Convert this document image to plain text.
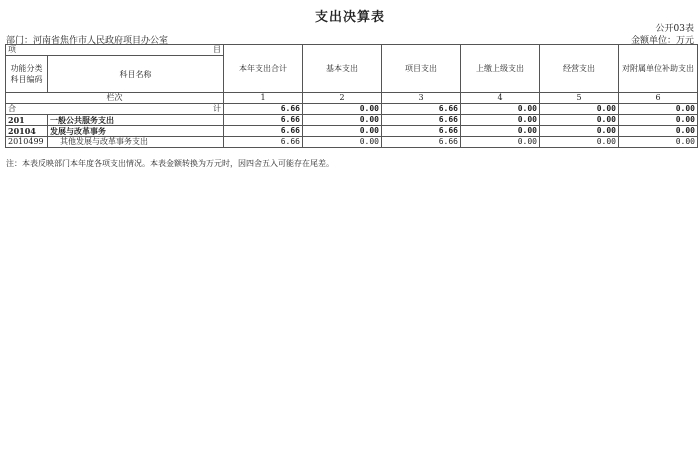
支出决算表
公开03表
部门：河南省焦作市人民政府项目办公室	金额单位：万元
项 目		本年支出合计	基本支出	项目支出	上缴上级支出	经营支出	对附属单位补助支出
功能分类科目编码	科目名称						
栏次		1	2	3	4	5	6

合 计		6.66	0.00	6.66	0.00	0.00	0.00
201	一般公共服务支出	6.66	0.00	6.66	0.00	0.00	0.00
20104	发展与改革事务	6.66	0.00	6.66	0.00	0.00	0.00
2010499	其他发展与改革事务支出	6.66	0.00	6.66	0.00	0.00	0.00
注：本表反映部门本年度各项支出情况。本表金额转换为万元时，因四舍五入可能存在尾差。
